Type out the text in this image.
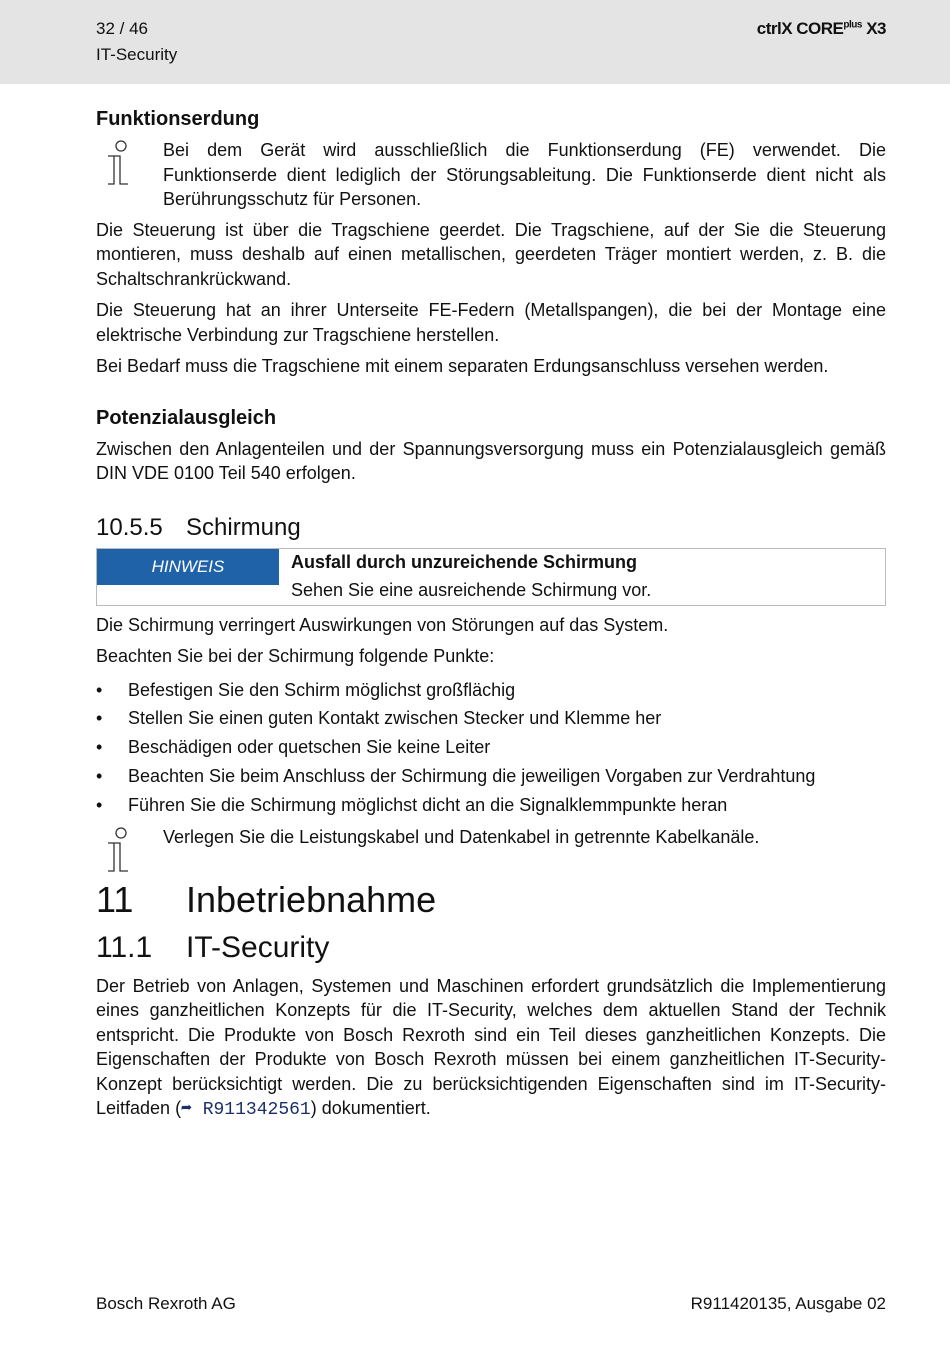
32 / 46
IT-Security
ctrlX $CORE^{plus}$ X3
Funktionserdung

Bei dem Gerät wird ausschließlich die Funktionserdung (FE) verwendet. Die Funktionserde dient lediglich der Störungsableitung. Die Funktionserde dient nicht als Berührungsschutz für Personen.

Die Steuerung ist über die Tragschiene geerdet. Die Tragschiene, auf der Sie die Steuerung montieren, muss deshalb auf einen metallischen, geerdeten Träger montiert werden, z. B. die Schaltschrankrückwand.

Die Steuerung hat an ihrer Unterseite FE-Federn (Metallspangen), die bei der Montage eine elektrische Verbindung zur Tragschiene herstellen.

Bei Bedarf muss die Tragschiene mit einem separaten Erdungsanschluss versehen werden.

Potenzialausgleich

Zwischen den Anlagenteilen und der Spannungsversorgung muss ein Potenzialausgleich gemäß DIN VDE 0100 Teil 540 erfolgen.

10.5.5 Schirmung
HINWEIS	Ausfall durch unzureichende Schirmung
Sehen Sie eine ausreichende Schirmung vor.

Die Schirmung verringert Auswirkungen von Störungen auf das System.

Beachten Sie bei der Schirmung folgende Punkte:

• Befestigen Sie den Schirm möglichst großflächig
• Stellen Sie einen guten Kontakt zwischen Stecker und Klemme her
• Beschädigen oder quetschen Sie keine Leiter
• Beachten Sie beim Anschluss der Schirmung die jeweiligen Vorgaben zur Verdrahtung
• Führen Sie die Schirmung möglichst dicht an die Signalklemmpunkte heran

Verlegen Sie die Leistungskabel und Datenkabel in getrennte Kabelkanäle.

11 Inbetriebnahme
11.1 IT-Security

Der Betrieb von Anlagen, Systemen und Maschinen erfordert grundsätzlich die Implementierung eines ganzheitlichen Konzepts für die IT-Security, welches dem aktuellen Stand der Technik entspricht. Die Produkte von Bosch Rexroth sind ein Teil dieses ganzheitlichen Konzepts. Die Eigenschaften der Produkte von Bosch Rexroth müssen bei einem ganzheitlichen IT-Security-Konzept berücksichtigt werden. Die zu berücksichtigenden Eigenschaften sind im IT-Security-Leitfaden (➦ R911342561) dokumentiert.

Bosch Rexroth AG	R911420135, Ausgabe 02
